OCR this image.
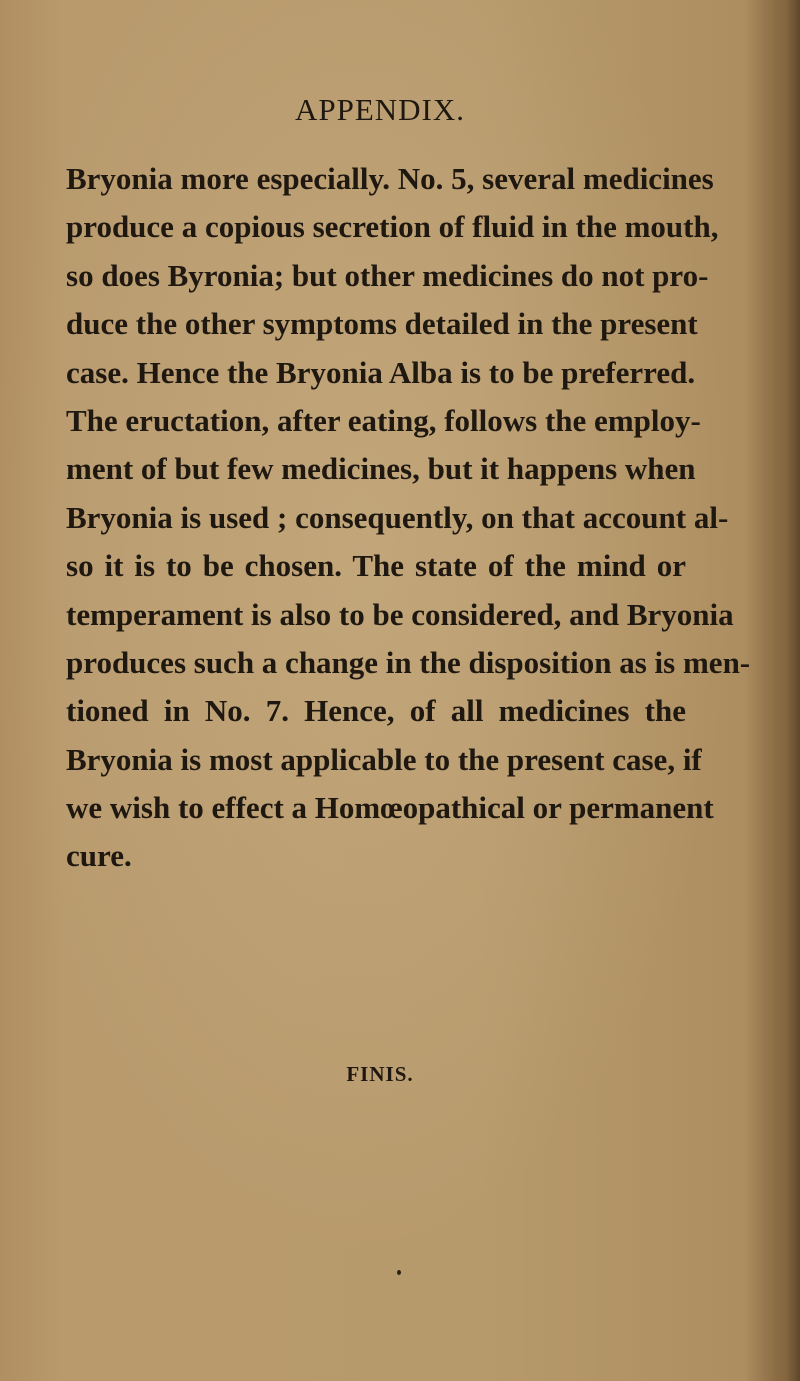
APPENDIX.
Bryonia more especially. No. 5, several medicines
produce a copious secretion of fluid in the mouth,
so does Byronia; but other medicines do not pro-
duce the other symptoms detailed in the present
case. Hence the Bryonia Alba is to be preferred.
The eructation, after eating, follows the employ-
ment of but few medicines, but it happens when
Bryonia is used ; consequently, on that account al-
so it is to be chosen. The state of the mind or
temperament is also to be considered, and Bryonia
produces such a change in the disposition as is men-
tioned in No. 7. Hence, of all medicines the
Bryonia is most applicable to the present case, if
we wish to effect a Homœopathical or permanent
cure.
FINIS.
